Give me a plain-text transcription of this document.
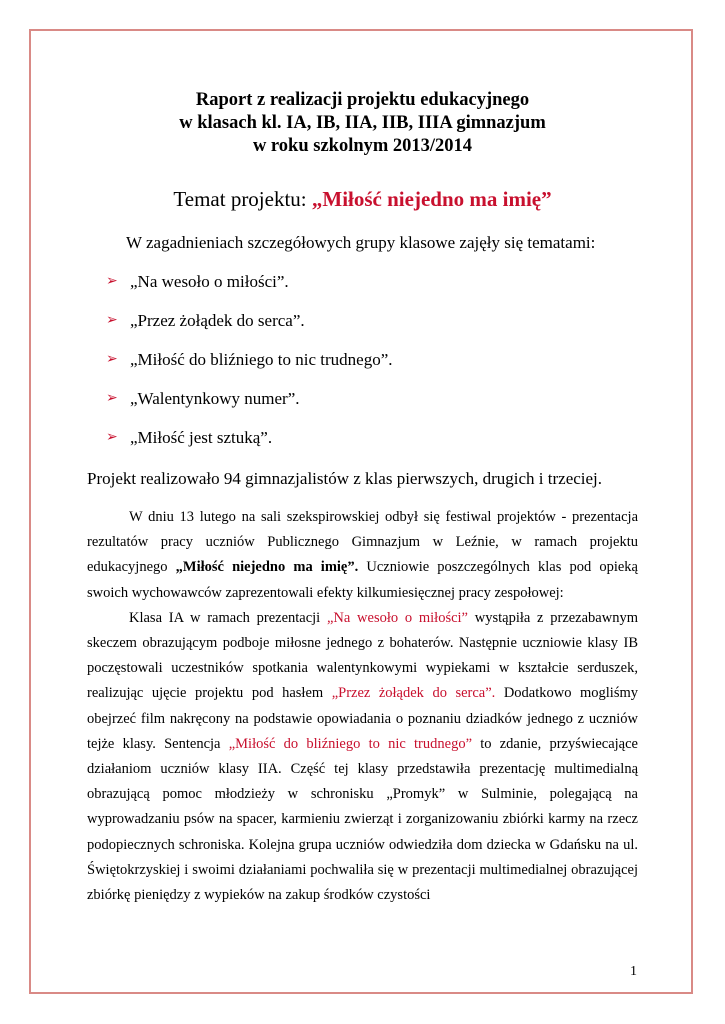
Raport z realizacji projektu edukacyjnego
w klasach kl. IA, IB, IIA, IIB, IIIA gimnazjum
w roku szkolnym 2013/2014
Temat projektu: „Miłość niejedno ma imię”
W zagadnieniach szczegółowych grupy klasowe zajęły się tematami:
➢ „Na wesoło o miłości”.
➢ „Przez żołądek do serca”.
➢ „Miłość do bliźniego to nic trudnego”.
➢ „Walentynkowy numer”.
➢ „Miłość jest sztuką”.
Projekt realizowało 94 gimnazjalistów z klas pierwszych, drugich i trzeciej.

W dniu 13 lutego na sali szekspirowskiej odbył się festiwal projektów - prezentacja rezultatów pracy uczniów Publicznego Gimnazjum w Leźnie, w ramach projektu edukacyjnego „Miłość niejedno ma imię”. Uczniowie poszczególnych klas pod opieką swoich wychowawców zaprezentowali efekty kilkumiesięcznej pracy zespołowej:

Klasa IA w ramach prezentacji „Na wesoło o miłości” wystąpiła z przezabawnym skeczem obrazującym podboje miłosne jednego z bohaterów. Następnie uczniowie klasy IB poczęstowali uczestników spotkania walentynkowymi wypiekami w kształcie serduszek, realizując ujęcie projektu pod hasłem „Przez żołądek do serca”. Dodatkowo mogliśmy obejrzeć film nakręcony na podstawie opowiadania o poznaniu dziadków jednego z uczniów tejże klasy. Sentencja „Miłość do bliźniego to nic trudnego” to zdanie, przyświecające działaniom uczniów klasy IIA. Część tej klasy przedstawiła prezentację multimedialną obrazującą pomoc młodzieży w schronisku „Promyk” w Sulminie, polegającą na wyprowadzaniu psów na spacer, karmieniu zwierząt i zorganizowaniu zbiórki karmy na rzecz podopiecznych schroniska. Kolejna grupa uczniów odwiedziła dom dziecka w Gdańsku na ul. Świętokrzyskiej i swoimi działaniami pochwaliła się w prezentacji multimedialnej obrazującej zbiórkę pieniędzy z wypieków na zakup środków czystości

1
